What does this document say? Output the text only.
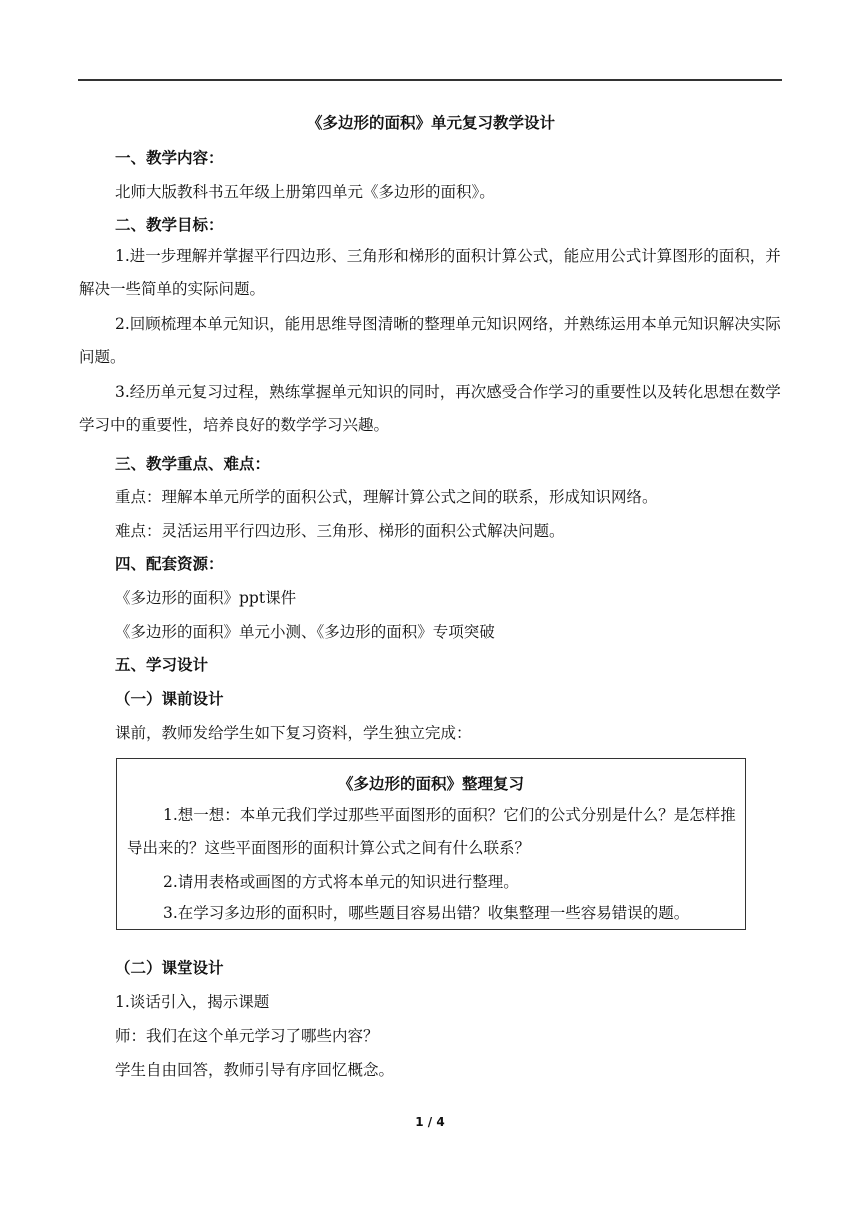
《多边形的面积》单元复习教学设计
一、教学内容：
北师大版教科书五年级上册第四单元《多边形的面积》。
二、教学目标：
1.进一步理解并掌握平行四边形、三角形和梯形的面积计算公式，能应用公式计算图形的面积，并解决一些简单的实际问题。
2.回顾梳理本单元知识，能用思维导图清晰的整理单元知识网络，并熟练运用本单元知识解决实际问题。
3.经历单元复习过程，熟练掌握单元知识的同时，再次感受合作学习的重要性以及转化思想在数学学习中的重要性，培养良好的数学学习兴趣。
三、教学重点、难点：
重点：理解本单元所学的面积公式，理解计算公式之间的联系，形成知识网络。
难点：灵活运用平行四边形、三角形、梯形的面积公式解决问题。
四、配套资源：
《多边形的面积》ppt课件
《多边形的面积》单元小测、《多边形的面积》专项突破
五、学习设计
（一）课前设计
课前，教师发给学生如下复习资料，学生独立完成：
《多边形的面积》整理复习
1.想一想：本单元我们学过那些平面图形的面积？它们的公式分别是什么？是怎样推导出来的？这些平面图形的面积计算公式之间有什么联系？
2.请用表格或画图的方式将本单元的知识进行整理。
3.在学习多边形的面积时，哪些题目容易出错？收集整理一些容易错误的题。
（二）课堂设计
1.谈话引入，揭示课题
师：我们在这个单元学习了哪些内容？
学生自由回答，教师引导有序回忆概念。
1 / 4
